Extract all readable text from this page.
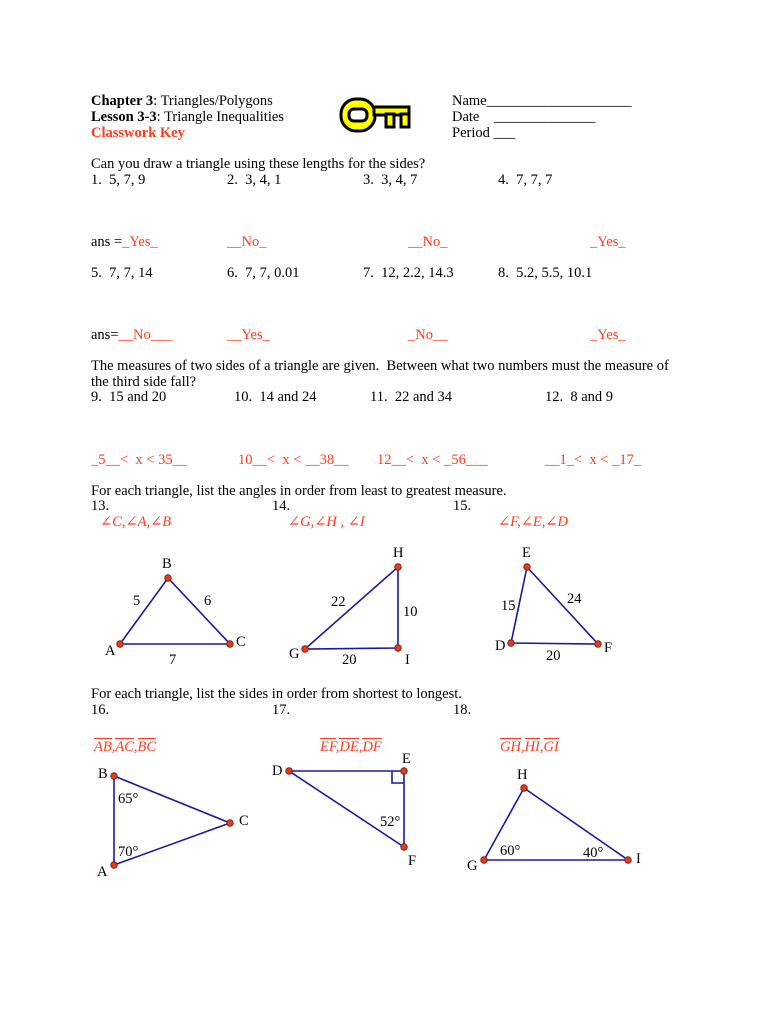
Chapter 3: Triangles/Polygons
Lesson 3-3: Triangle Inequalities
Classwork Key
Name____________________
Date    ______________
Period ___
Can you draw a triangle using these lengths for the sides?
1.  5, 7, 9	2.  3, 4, 1	3.  3, 4, 7	4.  7, 7, 7
ans =_Yes_	__No_	__No_	_Yes_
5.  7, 7, 14	6.  7, 7, 0.01	7.  12, 2.2, 14.3	8.  5.2, 5.5, 10.1
ans=__No___	__Yes_	_No__	_Yes_
The measures of two sides of a triangle are given.  Between what two numbers must the measure of
the third side fall?
9.  15 and 20	10.  14 and 24	11.  22 and 34	12.  8 and 9
_5__<  x < 35__	10__<  x < __38__ 12__<  x < _56___	__1_<  x < _17_
For each triangle, list the angles in order from least to greatest measure.
13.	14.	15.
∠C,∠A,∠B	∠G,∠H , ∠I	∠F,∠E,∠D
For each triangle, list the sides in order from shortest to longest.
16.	17.	18.
AB,AC,BC	EF,DE,DF	GH,HI,GI
A
B
C
5	6
7	G
H
I
22
10
20
D
E
F
15	24
20
A
B
C
65°
70°
D
E
F
52°
G
H
I
60°	40°
